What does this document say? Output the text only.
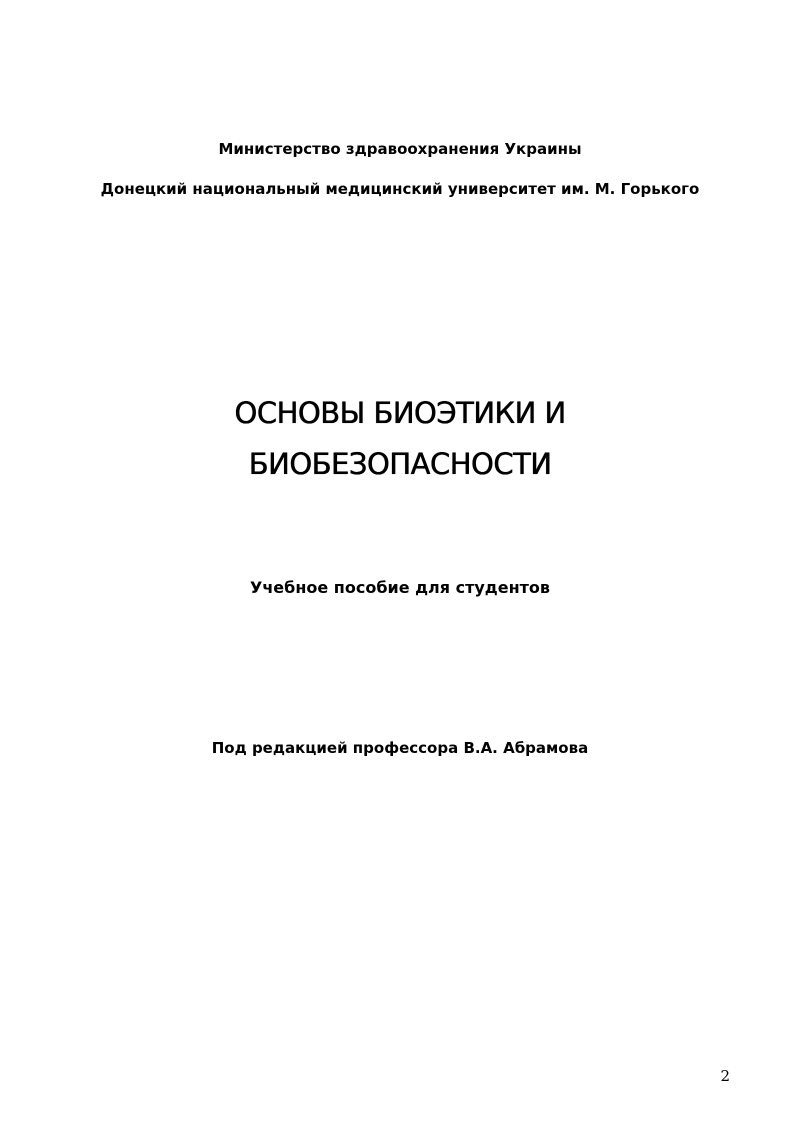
Министерство здравоохранения Украины

Донецкий национальный медицинский университет им. М. Горького

ОСНОВЫ БИОЭТИКИ И
БИОБЕЗОПАСНОСТИ

Учебное пособие для студентов

Под редакцией профессора В.А. Абрамова

2
